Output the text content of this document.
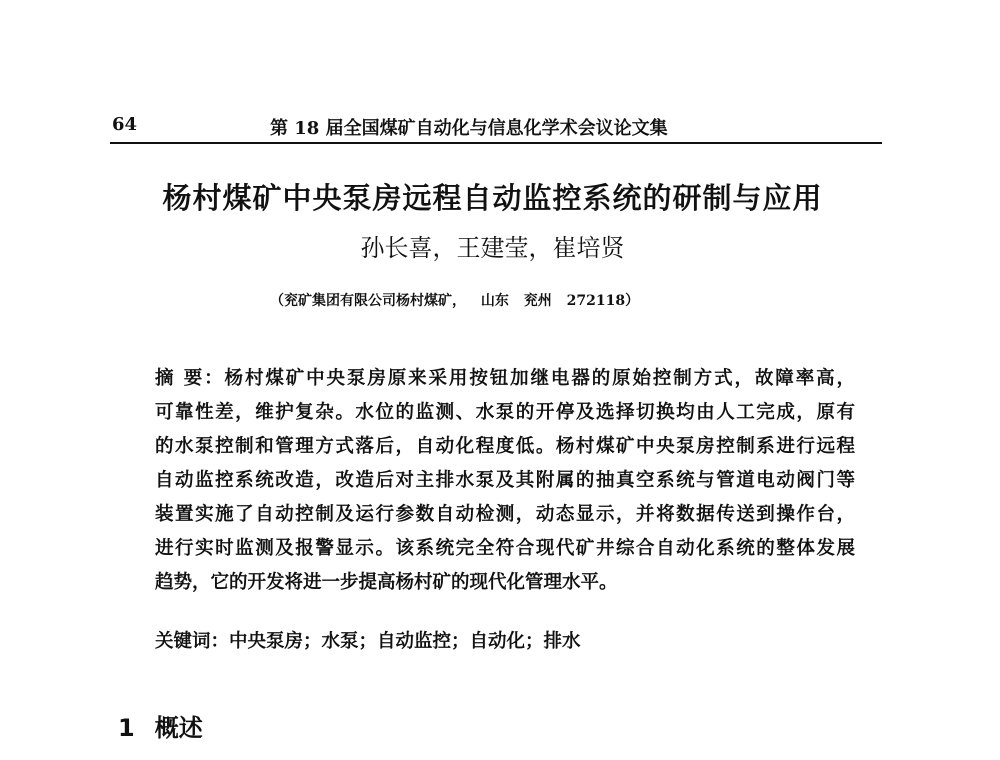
64	第 18 届全国煤矿自动化与信息化学术会议论文集
杨村煤矿中央泵房远程自动监控系统的研制与应用
孙长喜，王建莹，崔培贤
（兖矿集团有限公司杨村煤矿， 山东 兖州 272118）
摘 要：杨村煤矿中央泵房原来采用按钮加继电器的原始控制方式，故障率高，
可靠性差，维护复杂。水位的监测、水泵的开停及选择切换均由人工完成，原有
的水泵控制和管理方式落后，自动化程度低。杨村煤矿中央泵房控制系进行远程
自动监控系统改造，改造后对主排水泵及其附属的抽真空系统与管道电动阀门等
装置实施了自动控制及运行参数自动检测，动态显示，并将数据传送到操作台，
进行实时监测及报警显示。该系统完全符合现代矿井综合自动化系统的整体发展
趋势，它的开发将进一步提高杨村矿的现代化管理水平。
关键词：中央泵房；水泵；自动监控；自动化；排水
1 概述
